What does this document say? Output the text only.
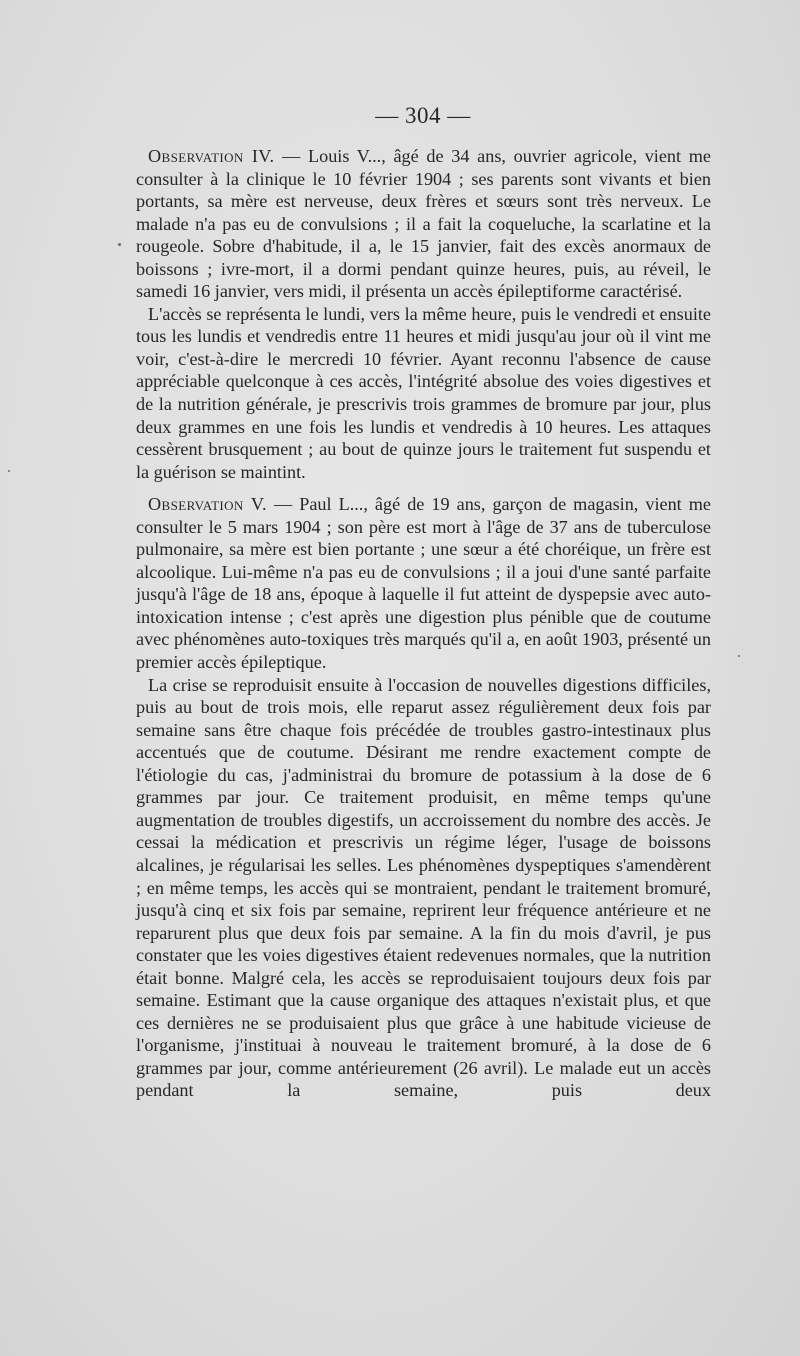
— 304 —

Observation IV. — Louis V..., âgé de 34 ans, ouvrier agricole, vient me consulter à la clinique le 10 février 1904 ; ses parents sont vivants et bien portants, sa mère est nerveuse, deux frères et sœurs sont très nerveux. Le malade n'a pas eu de convulsions ; il a fait la coqueluche, la scarlatine et la rougeole. Sobre d'habitude, il a, le 15 janvier, fait des excès anormaux de boissons ; ivre-mort, il a dormi pendant quinze heures, puis, au réveil, le samedi 16 janvier, vers midi, il présenta un accès épileptiforme caractérisé.

L'accès se représenta le lundi, vers la même heure, puis le vendredi et ensuite tous les lundis et vendredis entre 11 heures et midi jusqu'au jour où il vint me voir, c'est-à-dire le mercredi 10 février. Ayant reconnu l'absence de cause appréciable quelconque à ces accès, l'intégrité absolue des voies digestives et de la nutrition générale, je prescrivis trois grammes de bromure par jour, plus deux grammes en une fois les lundis et vendredis à 10 heures. Les attaques cessèrent brusquement ; au bout de quinze jours le traitement fut suspendu et la guérison se maintint.

Observation V. — Paul L..., âgé de 19 ans, garçon de magasin, vient me consulter le 5 mars 1904 ; son père est mort à l'âge de 37 ans de tuberculose pulmonaire, sa mère est bien portante ; une sœur a été choréique, un frère est alcoolique. Lui-même n'a pas eu de convulsions ; il a joui d'une santé parfaite jusqu'à l'âge de 18 ans, époque à laquelle il fut atteint de dyspepsie avec auto-intoxication intense ; c'est après une digestion plus pénible que de coutume avec phénomènes auto-toxiques très marqués qu'il a, en août 1903, présenté un premier accès épileptique.

La crise se reproduisit ensuite à l'occasion de nouvelles digestions difficiles, puis au bout de trois mois, elle reparut assez régulièrement deux fois par semaine sans être chaque fois précédée de troubles gastro-intestinaux plus accentués que de coutume. Désirant me rendre exactement compte de l'étiologie du cas, j'administrai du bromure de potassium à la dose de 6 grammes par jour. Ce traitement produisit, en même temps qu'une augmentation de troubles digestifs, un accroissement du nombre des accès. Je cessai la médication et prescrivis un régime léger, l'usage de boissons alcalines, je régularisai les selles. Les phénomènes dyspeptiques s'amendèrent ; en même temps, les accès qui se montraient, pendant le traitement bromuré, jusqu'à cinq et six fois par semaine, reprirent leur fréquence antérieure et ne reparurent plus que deux fois par semaine. A la fin du mois d'avril, je pus constater que les voies digestives étaient redevenues normales, que la nutrition était bonne. Malgré cela, les accès se reproduisaient toujours deux fois par semaine. Estimant que la cause organique des attaques n'existait plus, et que ces dernières ne se produisaient plus que grâce à une habitude vicieuse de l'organisme, j'instituai à nouveau le traitement bromuré, à la dose de 6 grammes par jour, comme antérieurement (26 avril). Le malade eut un accès pendant la semaine, puis deux
